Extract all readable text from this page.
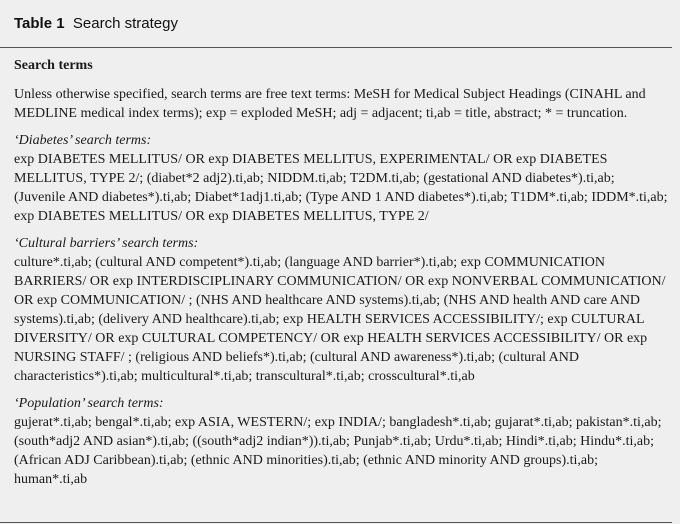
Table 1 Search strategy

Search terms

Unless otherwise specified, search terms are free text terms: MeSH for Medical Subject Headings (CINAHL and MEDLINE medical index terms); exp = exploded MeSH; adj = adjacent; ti,ab = title, abstract; * = truncation.

‘Diabetes’ search terms:

exp DIABETES MELLITUS/ OR exp DIABETES MELLITUS, EXPERIMENTAL/ OR exp DIABETES MELLITUS, TYPE 2/; (diabet*2 adj2).ti,ab; NIDDM.ti,ab; T2DM.ti,ab; (gestational AND diabetes*).ti,ab; (Juvenile AND diabetes*).ti,ab; Diabet*1adj1.ti,ab; (Type AND 1 AND diabetes*).ti,ab; T1DM*.ti,ab; IDDM*.ti,ab; exp DIABETES MELLITUS/ OR exp DIABETES MELLITUS, TYPE 2/

‘Cultural barriers’ search terms:

culture*.ti,ab; (cultural AND competent*).ti,ab; (language AND barrier*).ti,ab; exp COMMUNICATION BARRIERS/ OR exp INTERDISCIPLINARY COMMUNICATION/ OR exp NONVERBAL COMMUNICATION/ OR exp COMMUNICATION/ ; (NHS AND healthcare AND systems).ti,ab; (NHS AND health AND care AND systems).ti,ab; (delivery AND healthcare).ti,ab; exp HEALTH SERVICES ACCESSIBILITY/; exp CULTURAL DIVERSITY/ OR exp CULTURAL COMPETENCY/ OR exp HEALTH SERVICES ACCESSIBILITY/ OR exp NURSING STAFF/ ; (religious AND beliefs*).ti,ab; (cultural AND awareness*).ti,ab; (cultural AND characteristics*).ti,ab; multicultural*.ti,ab; transcultural*.ti,ab; crosscultural*.ti,ab

‘Population’ search terms:

gujerat*.ti,ab; bengal*.ti,ab; exp ASIA, WESTERN/; exp INDIA/; bangladesh*.ti,ab; gujarat*.ti,ab; pakistan*.ti,ab; (south*adj2 AND asian*).ti,ab; ((south*adj2 indian*)).ti,ab; Punjab*.ti,ab; Urdu*.ti,ab; Hindi*.ti,ab; Hindu*.ti,ab; (African ADJ Caribbean).ti,ab; (ethnic AND minorities).ti,ab; (ethnic AND minority AND groups).ti,ab; human*.ti,ab
